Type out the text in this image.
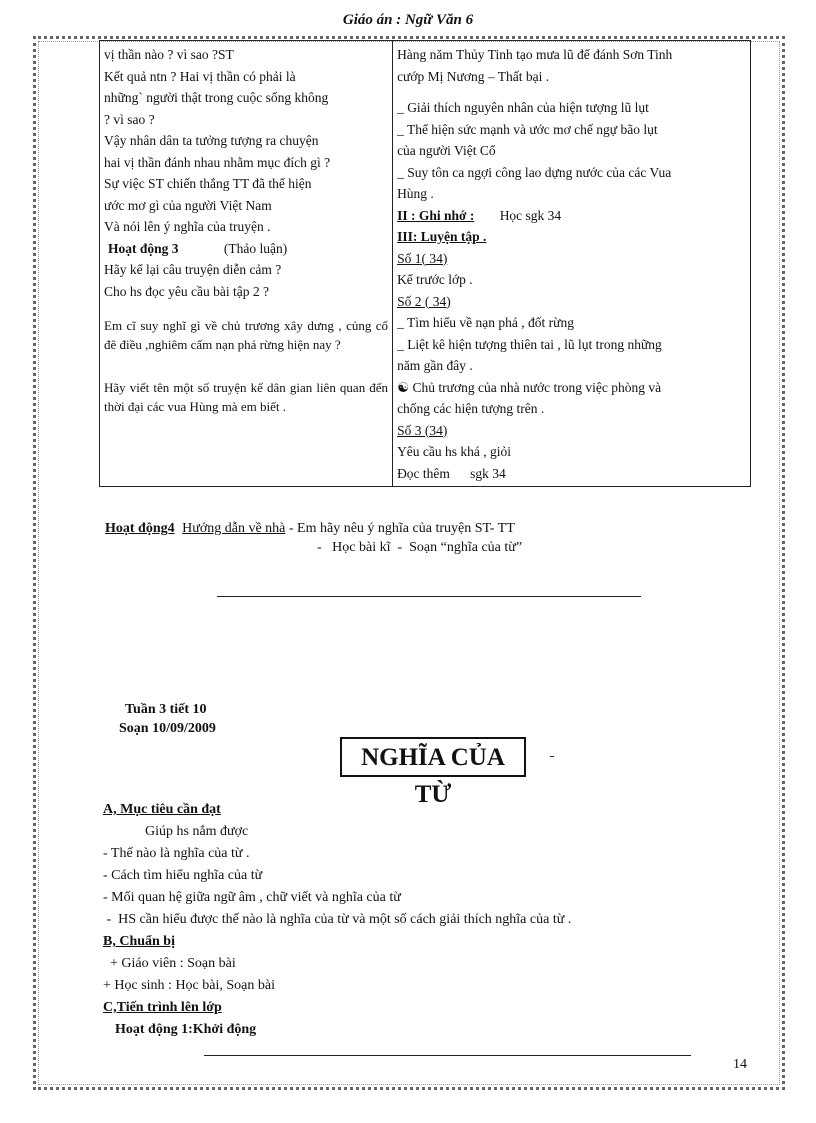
Giáo án : Ngữ Văn 6
vị thần nào ? vì sao ?ST
Kết quả ntn ? Hai vị thần có phải là
những` người thật trong cuộc sống không
? vì sao ?
Vậy nhân dân ta tưởng tượng ra chuyện
hai vị thần đánh nhau nhằm mục đích gì ?
Sự việc ST chiến thắng TT đã thể hiện
ước mơ gì của người Việt Nam
Và nói lên ý nghĩa của truyện .
Hoạt động 3	(Thảo luận)
Hãy kể lại câu truyện diễn cảm ?
Cho hs đọc yêu cầu bài tập 2 ?
Em cĩ suy nghĩ gì về chủ trương xây dưng , củng cố đê điều ,nghiêm cấm nạn phá rừng hiện nay ?
Hãy viết tên một số truyện kể dân gian liên quan đến thời đại các vua Hùng mà em biết .

Hàng năm Thủy Tinh tạo mưa lũ để đánh Sơn Tinh
cướp Mị Nương – Thất bại .
_ Giải thích nguyên nhân của hiện tượng lũ lụt
_ Thể hiện sức mạnh và ước mơ chế ngự bão lụt
của người Việt Cổ
_ Suy tôn ca ngợi công lao dựng nước của các Vua
Hùng .
II : Ghi nhớ : Học sgk 34
III: Luyện tập .
Số 1( 34)
Kể trước lớp .
Số 2 ( 34)
_ Tìm hiểu về nạn phá , đốt rừng
_ Liệt kê hiện tượng thiên tai , lũ lụt trong những
năm gần đây .
☯ Chủ trương của nhà nước trong việc phòng và
chống các hiện tượng trên .
Số 3 (34)
Yêu cầu hs khá , giỏi
Đọc thêm      sgk 34
Hoạt động4 Hướng dẫn về nhà - Em hãy nêu ý nghĩa của truyện ST- TT
-   Học bài kĩ  -  Soạn “nghĩa của từ”
Tuần 3 tiết 10
Soạn 10/09/2009
NGHĨA CỦA TỪ
A, Mục tiêu cần đạt
Giúp hs nắm được
- Thế nào là nghĩa của từ .
- Cách tìm hiểu nghĩa của từ
- Mối quan hệ giữa ngữ âm , chữ viết và nghĩa của từ
-  HS cần hiểu được thế nào là nghĩa của từ và một số cách giải thích nghĩa của từ .
B, Chuẩn bị
+ Giáo viên : Soạn bài
+ Học sinh : Học bài, Soạn bài
C,Tiến trình lên lớp
Hoạt động 1:Khởi động
14
